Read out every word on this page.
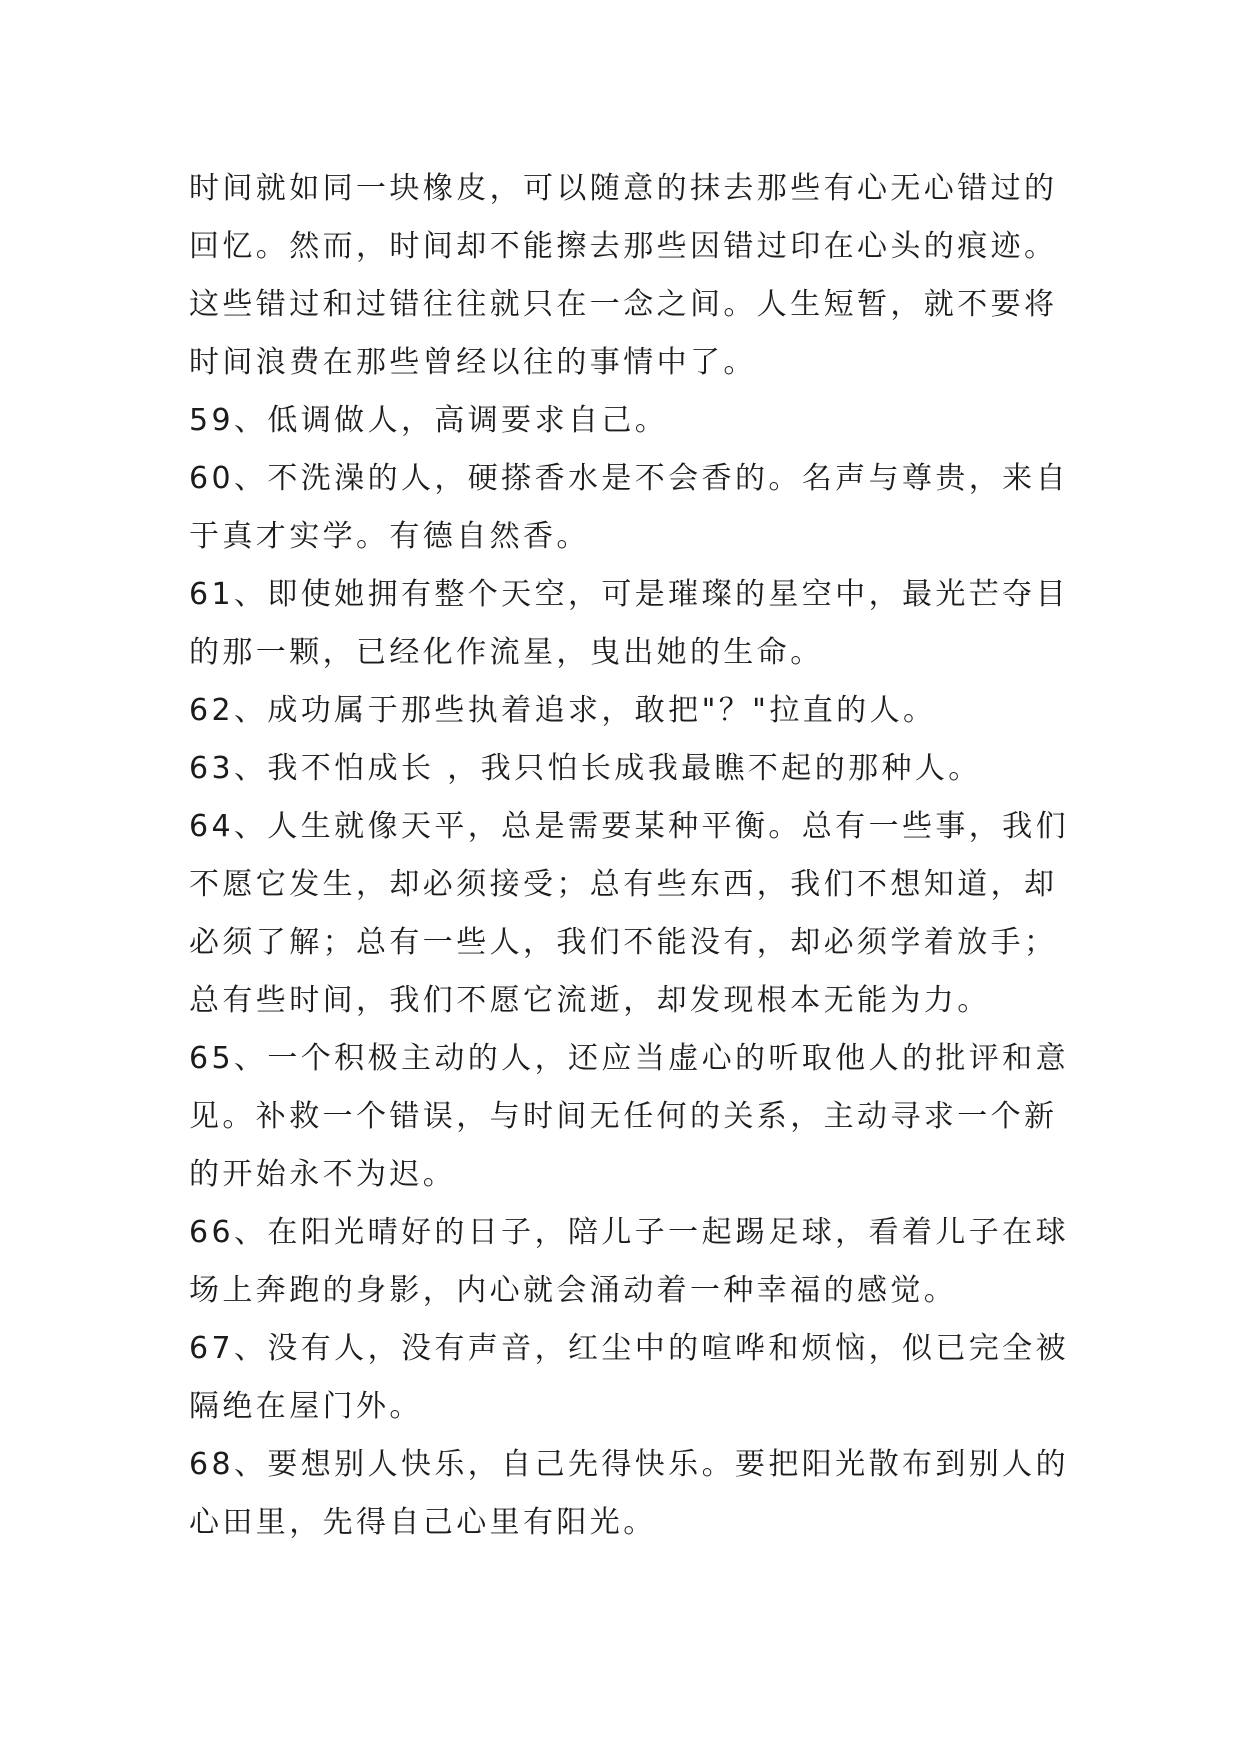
时间就如同一块橡皮，可以随意的抹去那些有心无心错过的
回忆。然而，时间却不能擦去那些因错过印在心头的痕迹。
这些错过和过错往往就只在一念之间。人生短暂，就不要将
时间浪费在那些曾经以往的事情中了。
59、低调做人，高调要求自己。
60、不洗澡的人，硬搽香水是不会香的。名声与尊贵，来自
于真才实学。有德自然香。
61、即使她拥有整个天空，可是璀璨的星空中，最光芒夺目
的那一颗，已经化作流星，曳出她的生命。
62、成功属于那些执着追求，敢把"？"拉直的人。
63、我不怕成长 ，我只怕长成我最瞧不起的那种人。
64、人生就像天平，总是需要某种平衡。总有一些事，我们
不愿它发生，却必须接受；总有些东西，我们不想知道，却
必须了解；总有一些人，我们不能没有，却必须学着放手；
总有些时间，我们不愿它流逝，却发现根本无能为力。
65、一个积极主动的人，还应当虚心的听取他人的批评和意
见。补救一个错误，与时间无任何的关系，主动寻求一个新
的开始永不为迟。
66、在阳光晴好的日子，陪儿子一起踢足球，看着儿子在球
场上奔跑的身影，内心就会涌动着一种幸福的感觉。
67、没有人，没有声音，红尘中的喧哗和烦恼，似已完全被
隔绝在屋门外。
68、要想别人快乐，自己先得快乐。要把阳光散布到别人的
心田里，先得自己心里有阳光。
